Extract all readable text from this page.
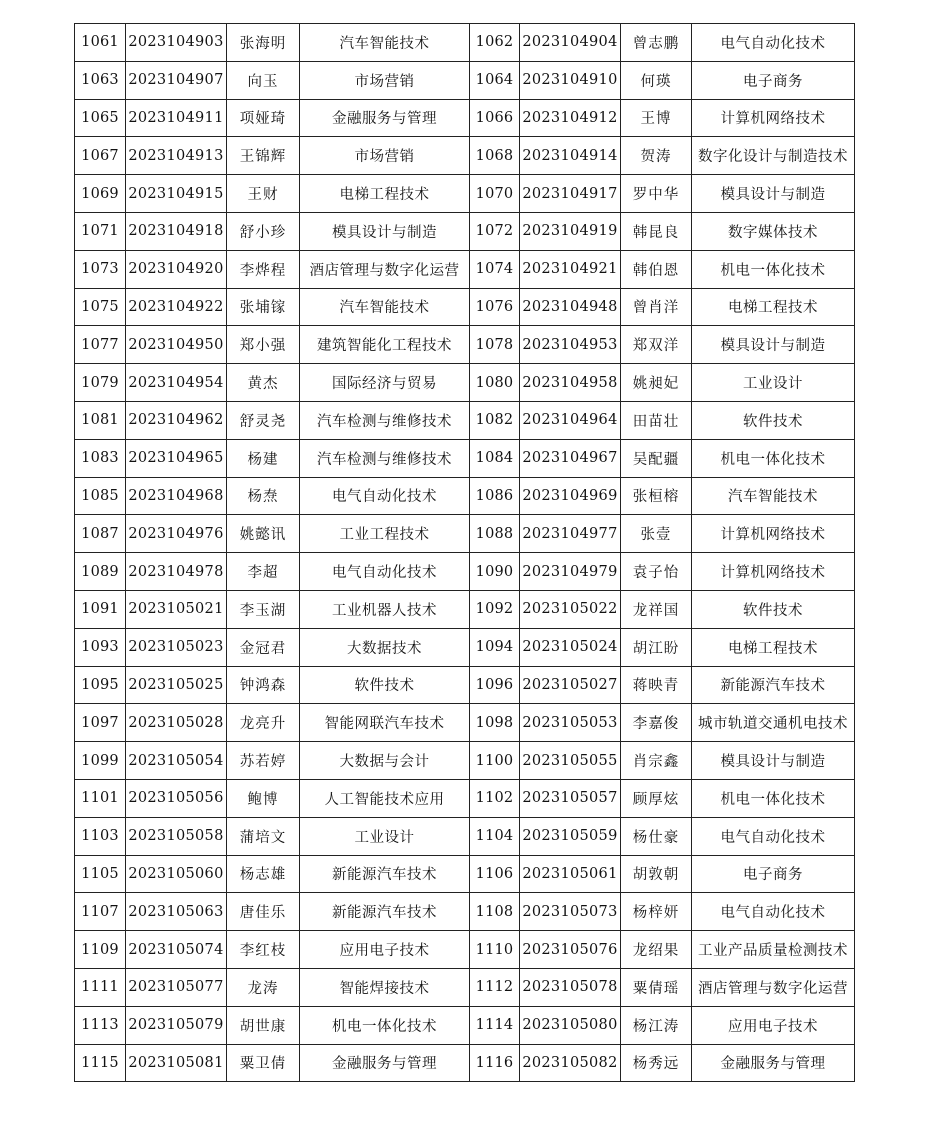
1061	2023104903	张海明	汽车智能技术	1062	2023104904	曾志鹏	电气自动化技术
1063	2023104907	向玉	市场营销	1064	2023104910	何瑛	电子商务
1065	2023104911	项娅琦	金融服务与管理	1066	2023104912	王博	计算机网络技术
1067	2023104913	王锦辉	市场营销	1068	2023104914	贺涛	数字化设计与制造技术
1069	2023104915	王财	电梯工程技术	1070	2023104917	罗中华	模具设计与制造
1071	2023104918	舒小珍	模具设计与制造	1072	2023104919	韩昆良	数字媒体技术
1073	2023104920	李烨程	酒店管理与数字化运营	1074	2023104921	韩伯恩	机电一体化技术
1075	2023104922	张埔镓	汽车智能技术	1076	2023104948	曾肖洋	电梯工程技术
1077	2023104950	郑小强	建筑智能化工程技术	1078	2023104953	郑双洋	模具设计与制造
1079	2023104954	黄杰	国际经济与贸易	1080	2023104958	姚昶妃	工业设计
1081	2023104962	舒灵尧	汽车检测与维修技术	1082	2023104964	田苗壮	软件技术
1083	2023104965	杨建	汽车检测与维修技术	1084	2023104967	吴配疆	机电一体化技术
1085	2023104968	杨焘	电气自动化技术	1086	2023104969	张桓榕	汽车智能技术
1087	2023104976	姚懿讯	工业工程技术	1088	2023104977	张壹	计算机网络技术
1089	2023104978	李超	电气自动化技术	1090	2023104979	袁子怡	计算机网络技术
1091	2023105021	李玉湖	工业机器人技术	1092	2023105022	龙祥国	软件技术
1093	2023105023	金冠君	大数据技术	1094	2023105024	胡江盼	电梯工程技术
1095	2023105025	钟鸿森	软件技术	1096	2023105027	蒋映青	新能源汽车技术
1097	2023105028	龙亮升	智能网联汽车技术	1098	2023105053	李嘉俊	城市轨道交通机电技术
1099	2023105054	苏若婷	大数据与会计	1100	2023105055	肖宗鑫	模具设计与制造
1101	2023105056	鲍博	人工智能技术应用	1102	2023105057	顾厚炫	机电一体化技术
1103	2023105058	蒲培文	工业设计	1104	2023105059	杨仕豪	电气自动化技术
1105	2023105060	杨志雄	新能源汽车技术	1106	2023105061	胡敦朝	电子商务
1107	2023105063	唐佳乐	新能源汽车技术	1108	2023105073	杨梓妍	电气自动化技术
1109	2023105074	李红枝	应用电子技术	1110	2023105076	龙绍果	工业产品质量检测技术
1111	2023105077	龙涛	智能焊接技术	1112	2023105078	粟倩瑶	酒店管理与数字化运营
1113	2023105079	胡世康	机电一体化技术	1114	2023105080	杨江涛	应用电子技术
1115	2023105081	粟卫倩	金融服务与管理	1116	2023105082	杨秀远	金融服务与管理
